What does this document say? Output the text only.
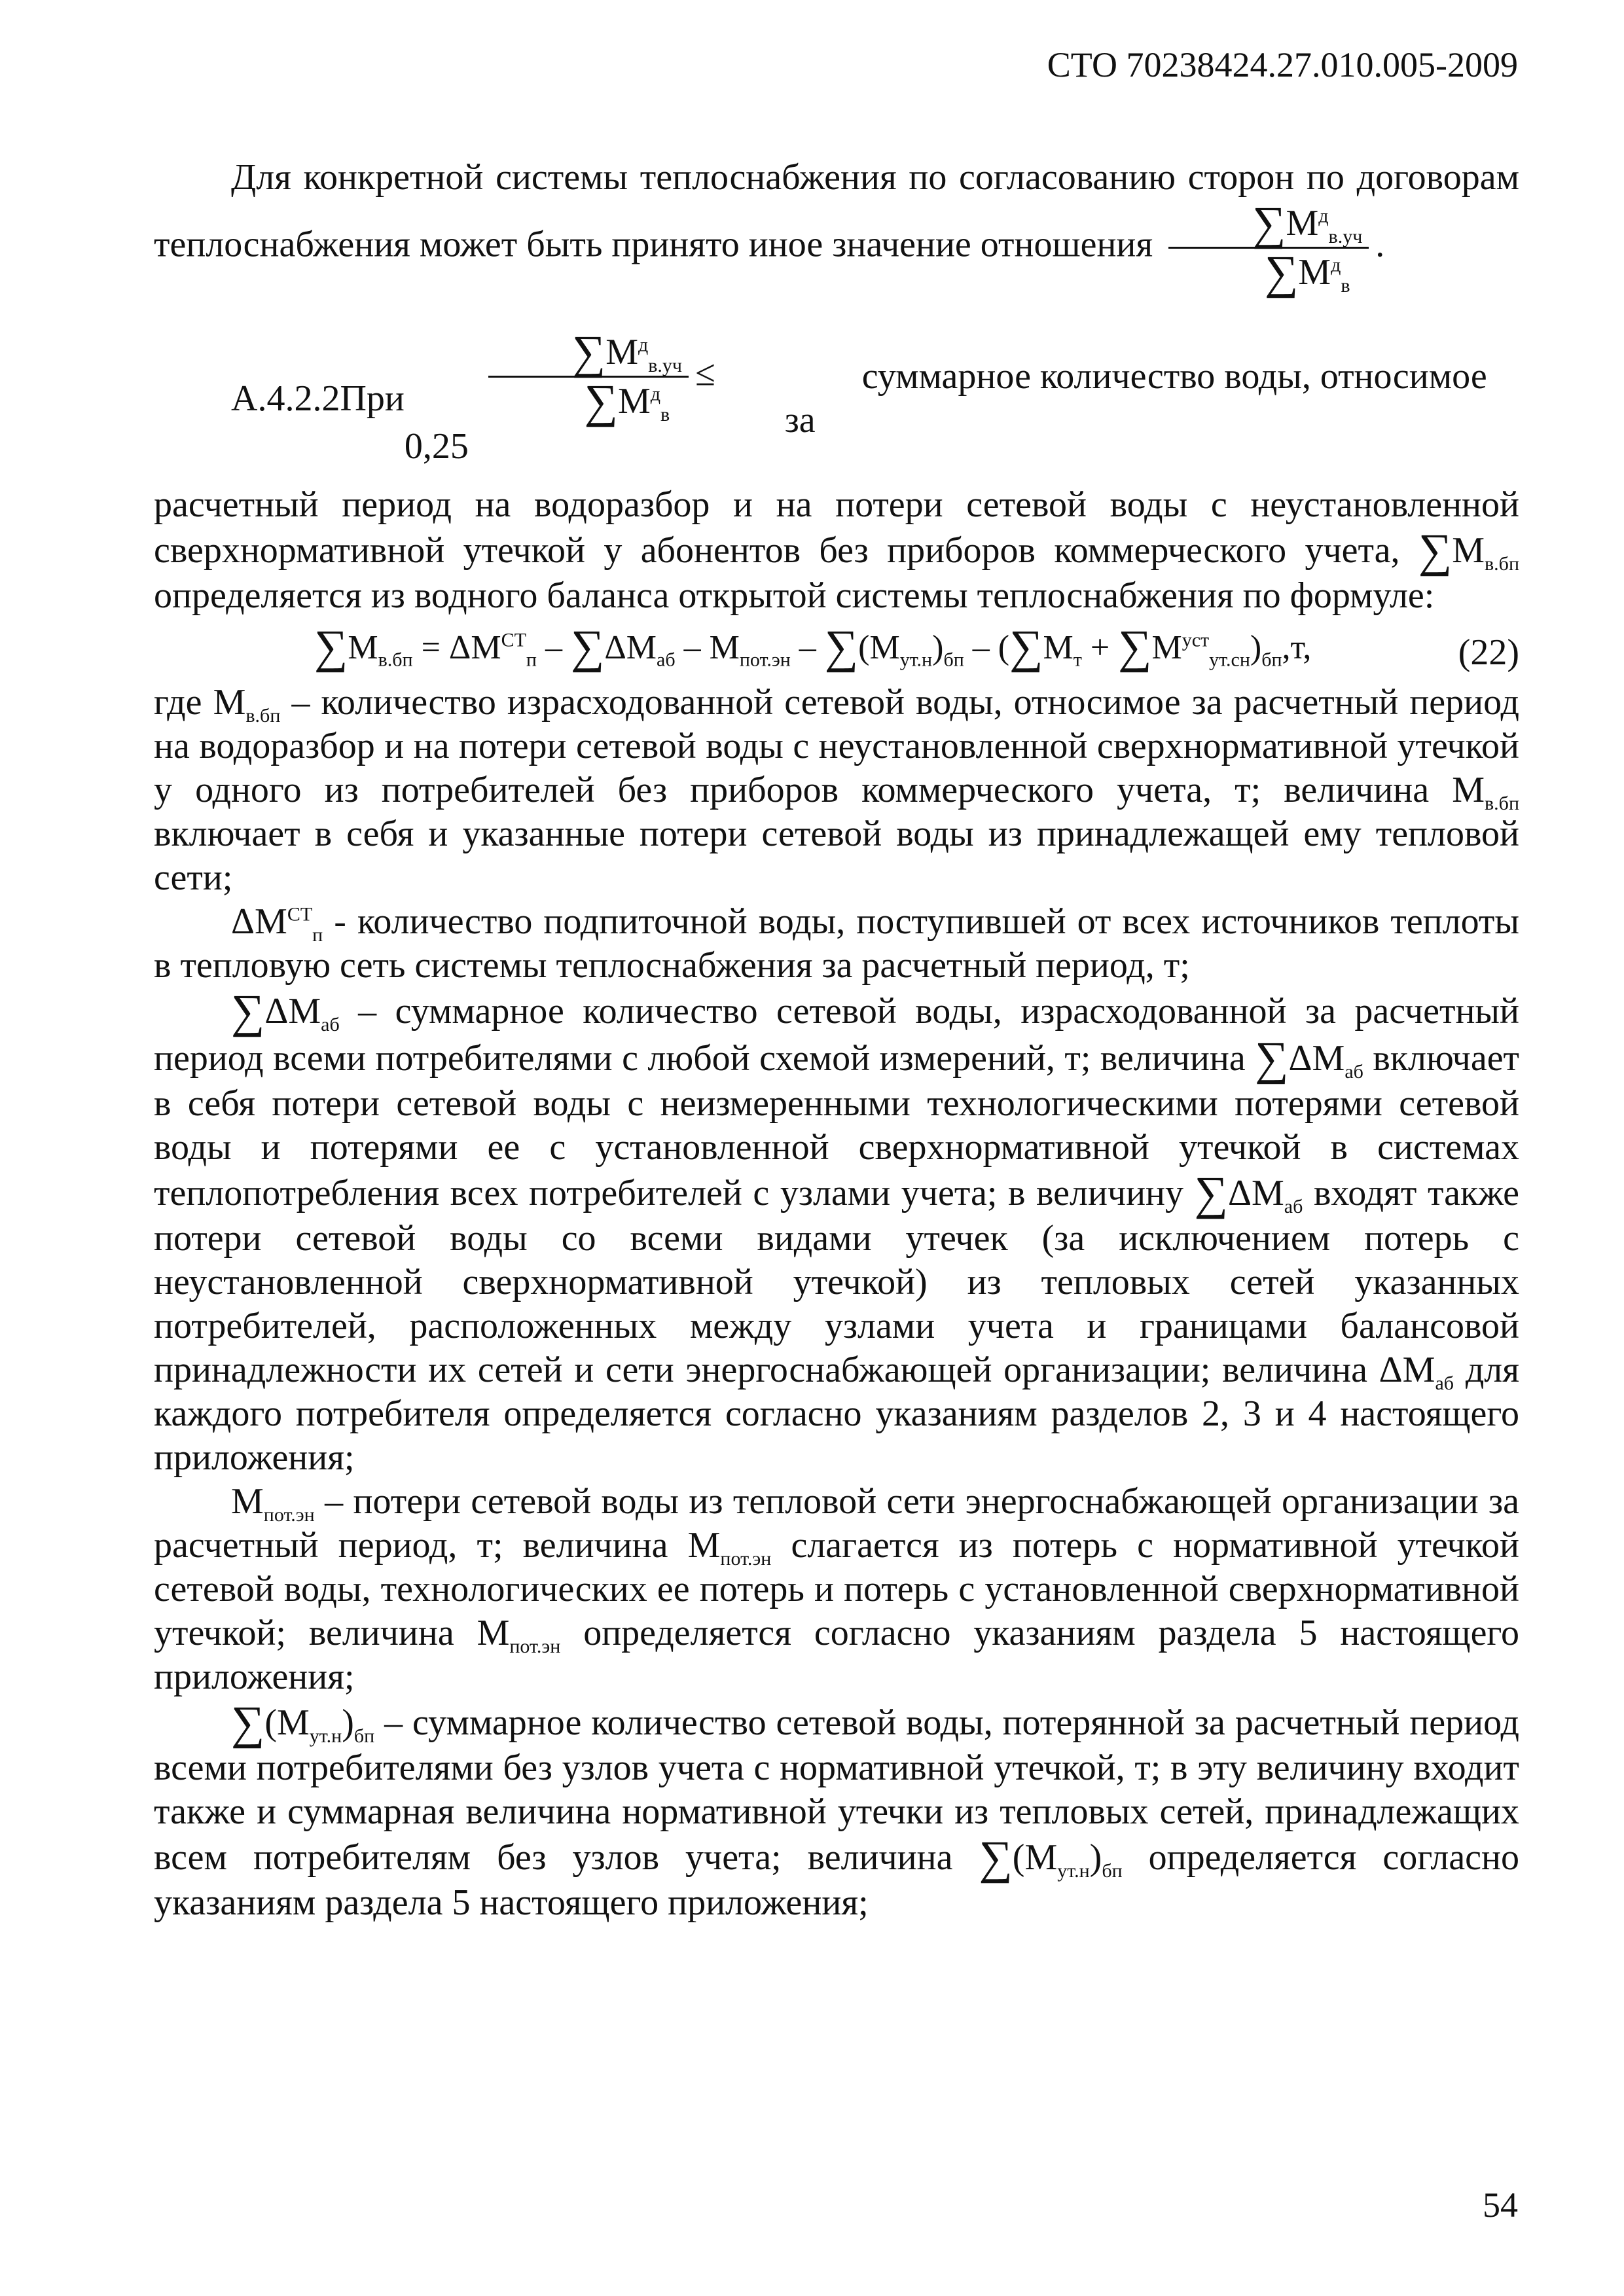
СТО 70238424.27.010.005-2009

Для конкретной системы теплоснабжения по согласованию сторон по договорам теплоснабжения может быть принято иное значение отношения $\frac{\sum M^д_{в.уч}}{\sum M^д_в}$ .

$А.4.2.2При \frac{\sum M^д_{в.уч}}{\sum M^д_в} \le 0,25$
суммарное количество воды, относимое за

расчетный период на водоразбор и на потери сетевой воды с неустановленной сверхнормативной утечкой у абонентов без приборов коммерческого учета, $\sum M_{в.бп}$ определяется из водного баланса открытой системы теплоснабжения по формуле:

$\sum M_{в.бп} = \Delta M^{СТ}_п - \sum\Delta M_{аб} - M_{пот.эн} - \sum(M_{ут.н})_{бп} - (\sum M_т + \sum M^{уст}_{ут.сн})_{бп},т$,	(22)

где $M_{в.бп}$ – количество израсходованной сетевой воды, относимое за расчетный период на водоразбор и на потери сетевой воды с неустановленной сверхнормативной утечкой у одного из потребителей без приборов коммерческого учета, т; величина $M_{в.бп}$ включает в себя и указанные потери сетевой воды из принадлежащей ему тепловой сети;

$\Delta M^{СТ}_п$ - количество подпиточной воды, поступившей от всех источников теплоты в тепловую сеть системы теплоснабжения за расчетный период, т;

$\sum\Delta M_{аб}$ – суммарное количество сетевой воды, израсходованной за расчетный период всеми потребителями с любой схемой измерений, т; величина $\sum\Delta M_{аб}$ включает в себя потери сетевой воды с неизмеренными технологическими потерями сетевой воды и потерями ее с установленной сверхнормативной утечкой в системах теплопотребления всех потребителей с узлами учета; в величину $\sum\Delta M_{аб}$ входят также потери сетевой воды со всеми видами утечек (за исключением потерь с неустановленной сверхнормативной утечкой) из тепловых сетей указанных потребителей, расположенных между узлами учета и границами балансовой принадлежности их сетей и сети энергоснабжающей организации; величина $\Delta M_{аб}$ для каждого потребителя определяется согласно указаниям разделов 2, 3 и 4 настоящего приложения;

$M_{пот.эн}$ – потери сетевой воды из тепловой сети энергоснабжающей организации за расчетный период, т; величина $M_{пот.эн}$ слагается из потерь с нормативной утечкой сетевой воды, технологических ее потерь и потерь с установленной сверхнормативной утечкой; величина $M_{пот.эн}$ определяется согласно указаниям раздела 5 настоящего приложения;

$\sum(M_{ут.н})_{бп}$ – суммарное количество сетевой воды, потерянной за расчетный период всеми потребителями без узлов учета с нормативной утечкой, т; в эту величину входит также и суммарная величина нормативной утечки из тепловых сетей, принадлежащих всем потребителям без узлов учета; величина $\sum(M_{ут.н})_{бп}$ определяется согласно указаниям раздела 5 настоящего приложения;

54
